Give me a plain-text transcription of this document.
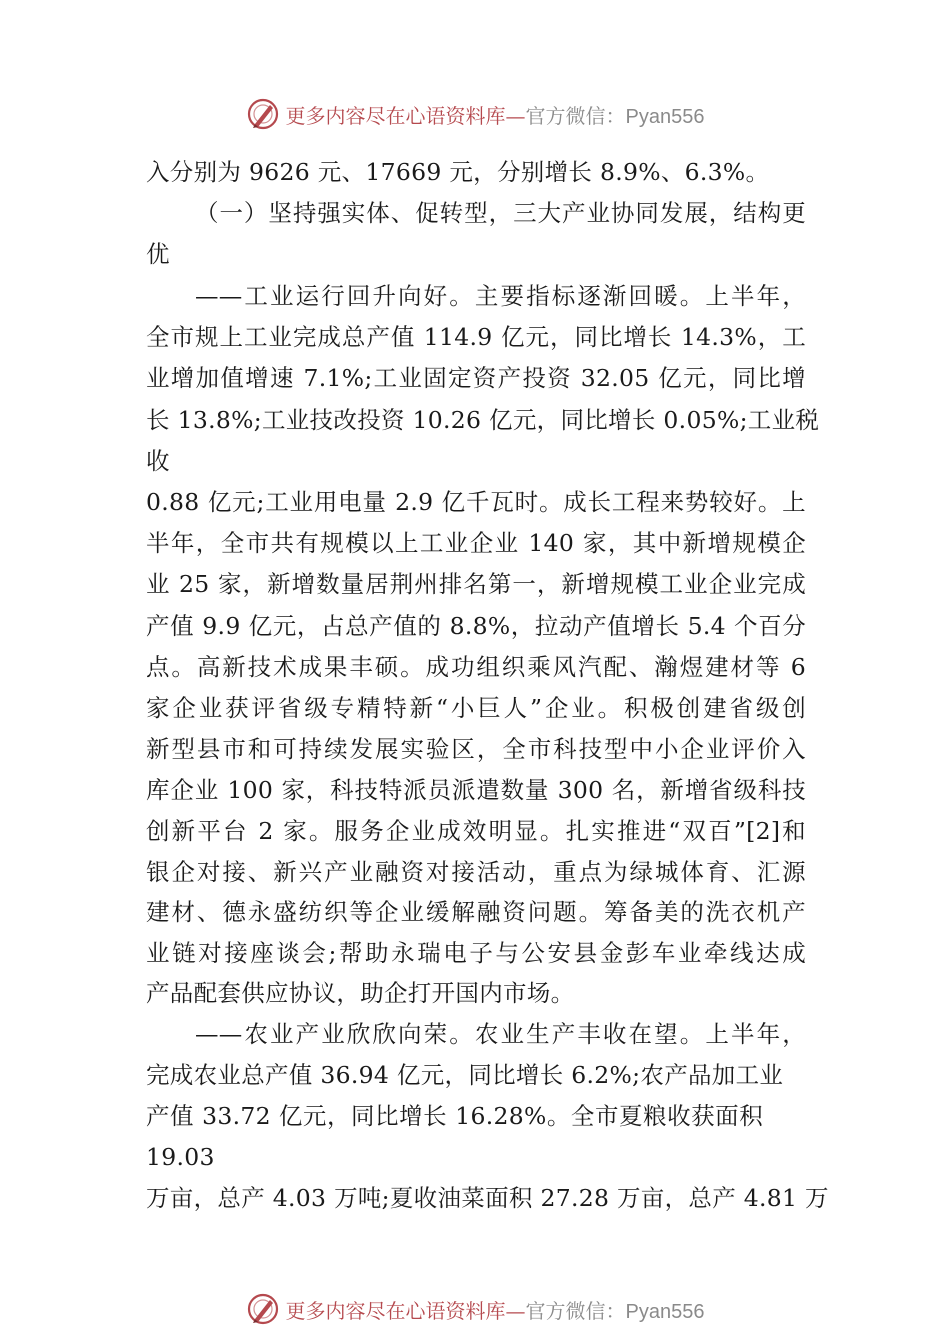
更多内容尽在心语资料库—官方微信：Pyan556
入分别为 9626 元、17669 元，分别增长 8.9%、6.3%。
（一）坚持强实体、促转型，三大产业协同发展，结构更
优
——工业运行回升向好。主要指标逐渐回暖。上半年，
全市规上工业完成总产值 114.9 亿元，同比增长 14.3%，工
业增加值增速 7.1%;工业固定资产投资 32.05 亿元，同比增
长 13.8%;工业技改投资 10.26 亿元，同比增长 0.05%;工业税
收
0.88 亿元;工业用电量 2.9 亿千瓦时。成长工程来势较好。上
半年，全市共有规模以上工业企业 140 家，其中新增规模企
业 25 家，新增数量居荆州排名第一，新增规模工业企业完成
产值 9.9 亿元，占总产值的 8.8%，拉动产值增长 5.4 个百分
点。高新技术成果丰硕。成功组织乘风汽配、瀚煜建材等 6
家企业获评省级专精特新“小巨人”企业。积极创建省级创
新型县市和可持续发展实验区，全市科技型中小企业评价入
库企业 100 家，科技特派员派遣数量 300 名，新增省级科技
创新平台 2 家。服务企业成效明显。扎实推进“双百”[2]和
银企对接、新兴产业融资对接活动，重点为绿城体育、汇源
建材、德永盛纺织等企业缓解融资问题。筹备美的洗衣机产
业链对接座谈会;帮助永瑞电子与公安县金彭车业牵线达成
产品配套供应协议，助企打开国内市场。
——农业产业欣欣向荣。农业生产丰收在望。上半年，
完成农业总产值 36.94 亿元，同比增长 6.2%;农产品加工业
产值 33.72 亿元，同比增长 16.28%。全市夏粮收获面积
19.03
万亩，总产 4.03 万吨;夏收油菜面积 27.28 万亩，总产 4.81 万
更多内容尽在心语资料库—官方微信：Pyan556
